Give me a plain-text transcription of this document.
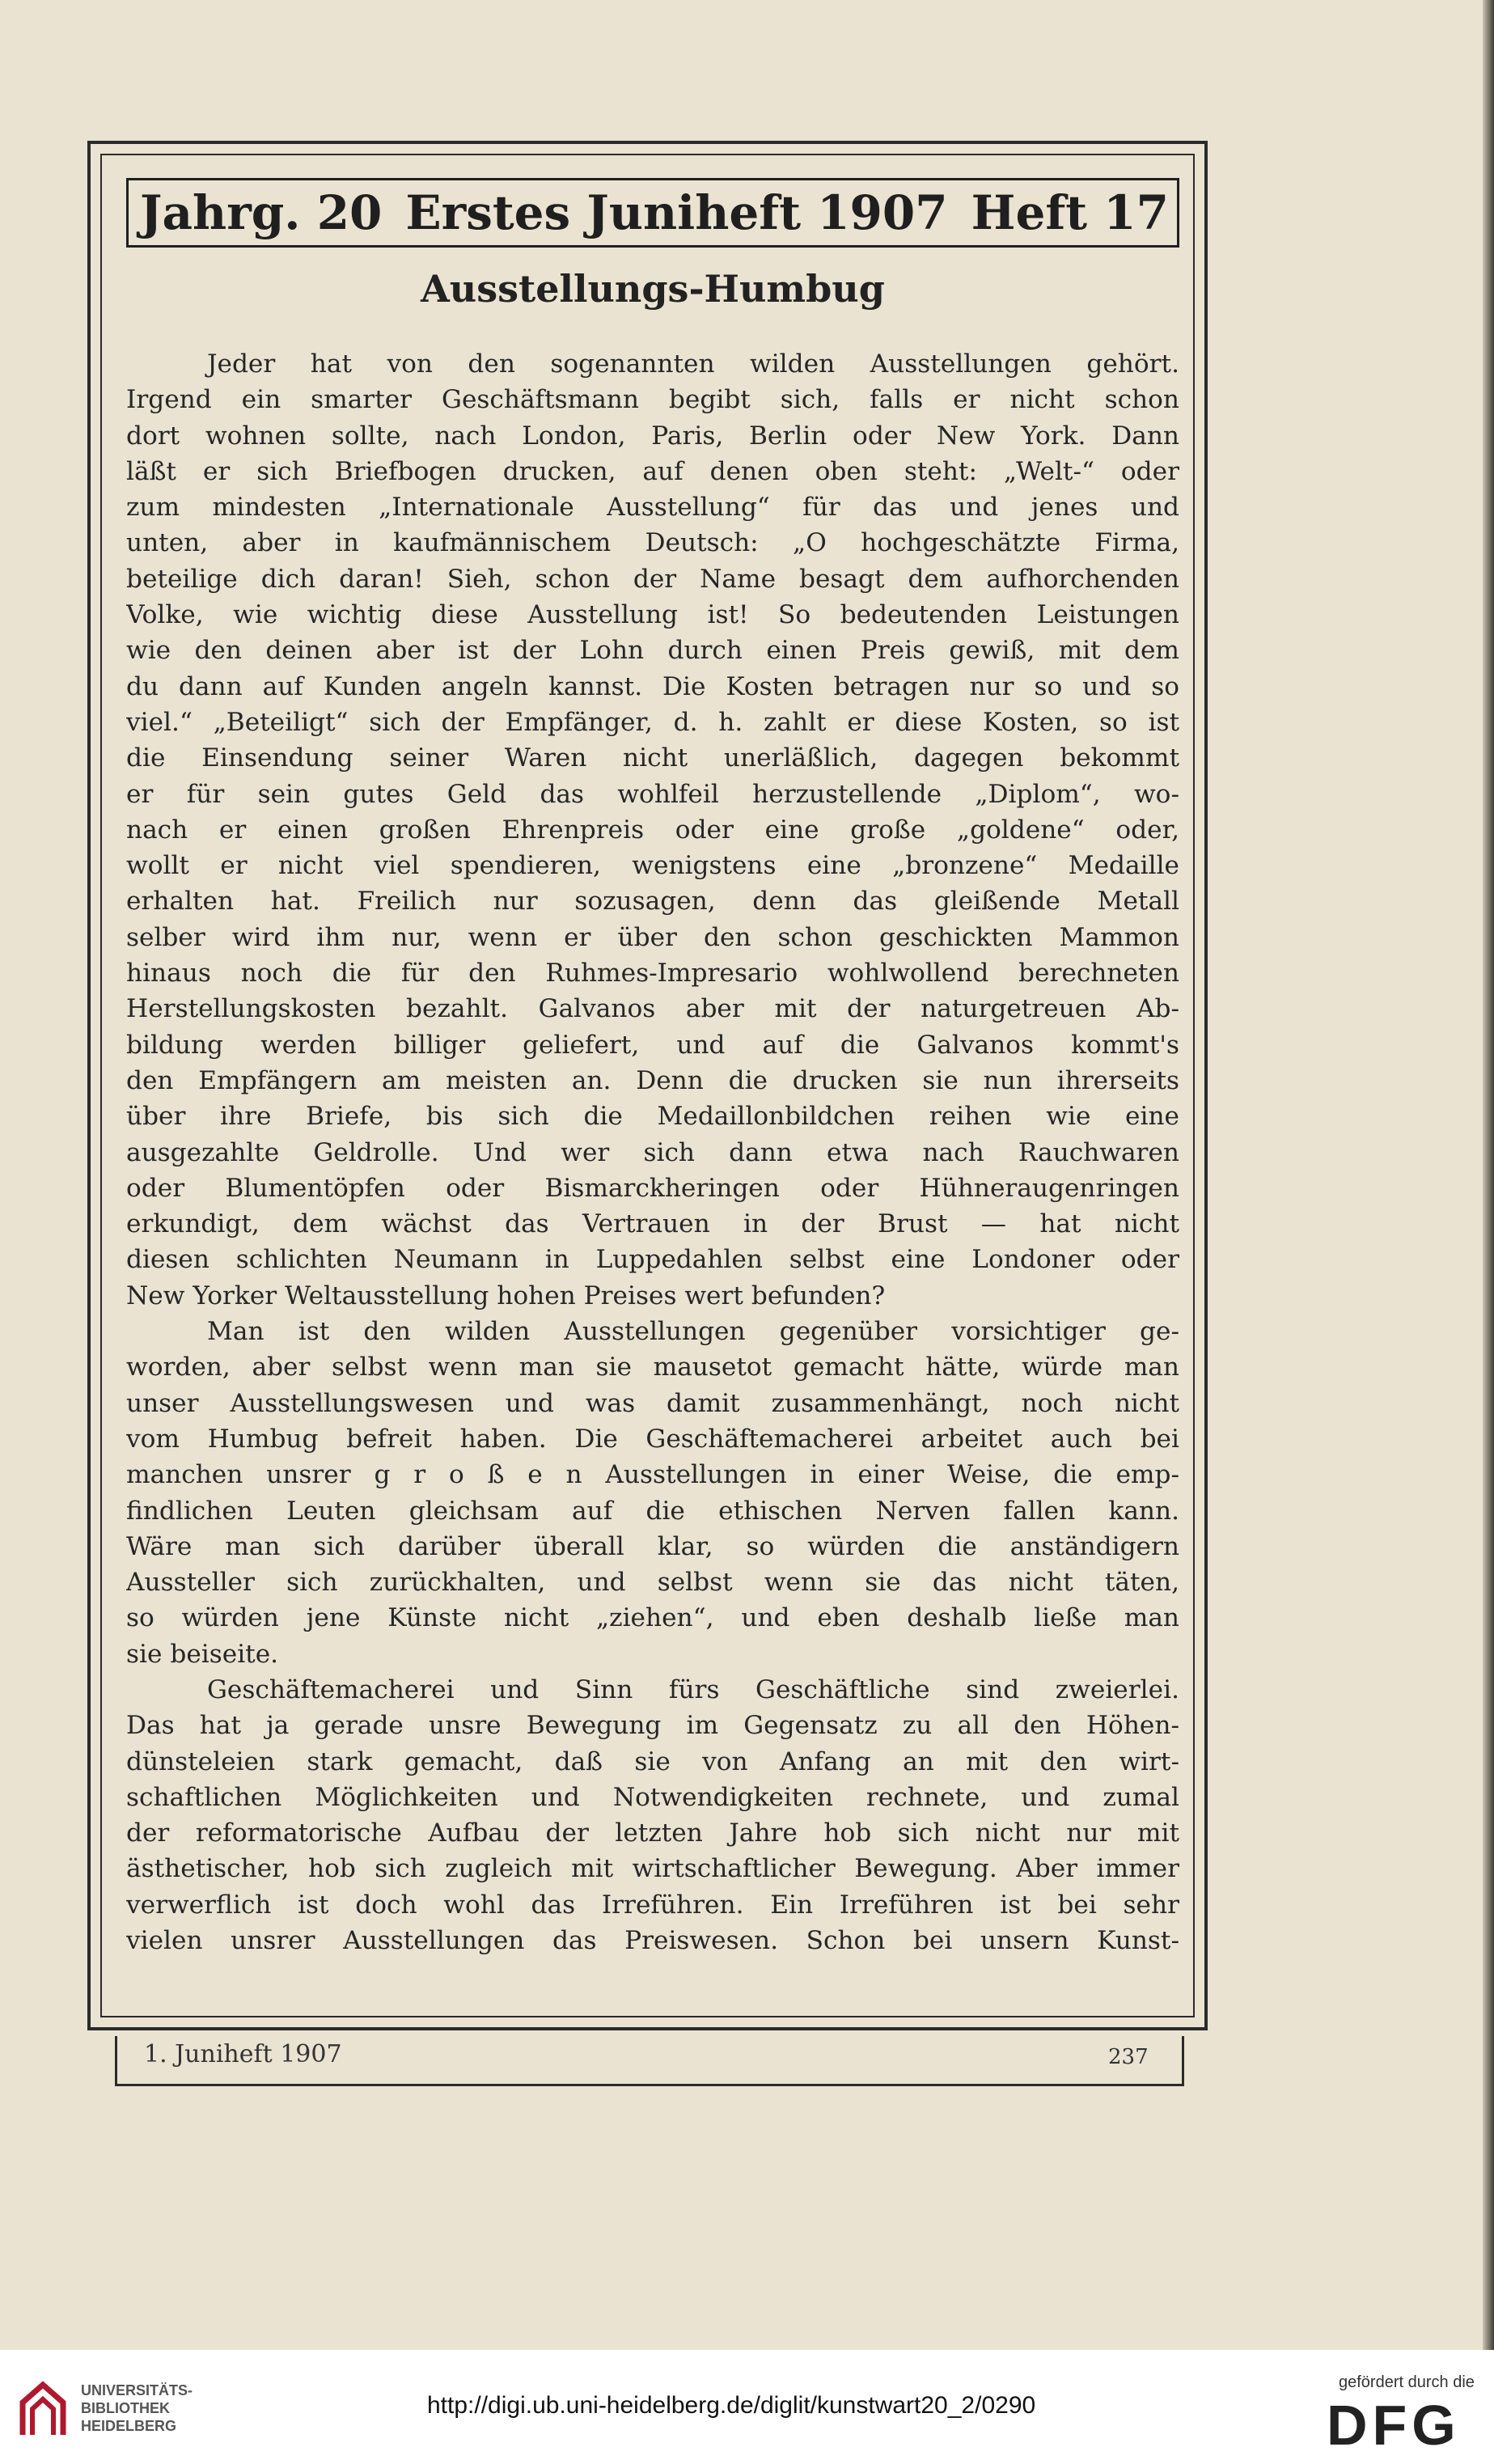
Jahrg. 20 Erstes Juniheft 1907 Heft 17
Ausstellungs-Humbug
Jeder hat von den sogenannten wilden Ausstellungen gehört.
Irgend ein smarter Geschäftsmann begibt sich, falls er nicht schon
dort wohnen sollte, nach London, Paris, Berlin oder New York. Dann
läßt er sich Briefbogen drucken, auf denen oben steht: „Welt-“ oder
zum mindesten „Internationale Ausstellung“ für das und jenes und
unten, aber in kaufmännischem Deutsch: „O hochgeschätzte Firma,
beteilige dich daran! Sieh, schon der Name besagt dem aufhorchenden
Volke, wie wichtig diese Ausstellung ist! So bedeutenden Leistungen
wie den deinen aber ist der Lohn durch einen Preis gewiß, mit dem
du dann auf Kunden angeln kannst. Die Kosten betragen nur so und so
viel.“ „Beteiligt“ sich der Empfänger, d. h. zahlt er diese Kosten, so ist
die Einsendung seiner Waren nicht unerläßlich, dagegen bekommt
er für sein gutes Geld das wohlfeil herzustellende „Diplom“, wo-
nach er einen großen Ehrenpreis oder eine große „goldene“ oder,
wollt er nicht viel spendieren, wenigstens eine „bronzene“ Medaille
erhalten hat. Freilich nur sozusagen, denn das gleißende Metall
selber wird ihm nur, wenn er über den schon geschickten Mammon
hinaus noch die für den Ruhmes-Impresario wohlwollend berechneten
Herstellungskosten bezahlt. Galvanos aber mit der naturgetreuen Ab-
bildung werden billiger geliefert, und auf die Galvanos kommt's
den Empfängern am meisten an. Denn die drucken sie nun ihrerseits
über ihre Briefe, bis sich die Medaillonbildchen reihen wie eine
ausgezahlte Geldrolle. Und wer sich dann etwa nach Rauchwaren
oder Blumentöpfen oder Bismarckheringen oder Hühneraugenringen
erkundigt, dem wächst das Vertrauen in der Brust — hat nicht
diesen schlichten Neumann in Luppedahlen selbst eine Londoner oder
New Yorker Weltausstellung hohen Preises wert befunden?
Man ist den wilden Ausstellungen gegenüber vorsichtiger ge-
worden, aber selbst wenn man sie mausetot gemacht hätte, würde man
unser Ausstellungswesen und was damit zusammenhängt, noch nicht
vom Humbug befreit haben. Die Geschäftemacherei arbeitet auch bei
manchen unsrer g r o ß e n Ausstellungen in einer Weise, die emp-
findlichen Leuten gleichsam auf die ethischen Nerven fallen kann.
Wäre man sich darüber überall klar, so würden die anständigern
Aussteller sich zurückhalten, und selbst wenn sie das nicht täten,
so würden jene Künste nicht „ziehen“, und eben deshalb ließe man
sie beiseite.
Geschäftemacherei und Sinn fürs Geschäftliche sind zweierlei.
Das hat ja gerade unsre Bewegung im Gegensatz zu all den Höhen-
dünsteleien stark gemacht, daß sie von Anfang an mit den wirt-
schaftlichen Möglichkeiten und Notwendigkeiten rechnete, und zumal
der reformatorische Aufbau der letzten Jahre hob sich nicht nur mit
ästhetischer, hob sich zugleich mit wirtschaftlicher Bewegung. Aber immer
verwerflich ist doch wohl das Irreführen. Ein Irreführen ist bei sehr
vielen unsrer Ausstellungen das Preiswesen. Schon bei unsern Kunst-
1. Juniheft 1907	237
UNIVERSITÄTS-
BIBLIOTHEK
HEIDELBERG
http://digi.ub.uni-heidelberg.de/diglit/kunstwart20_2/0290
gefördert durch die
DFG
